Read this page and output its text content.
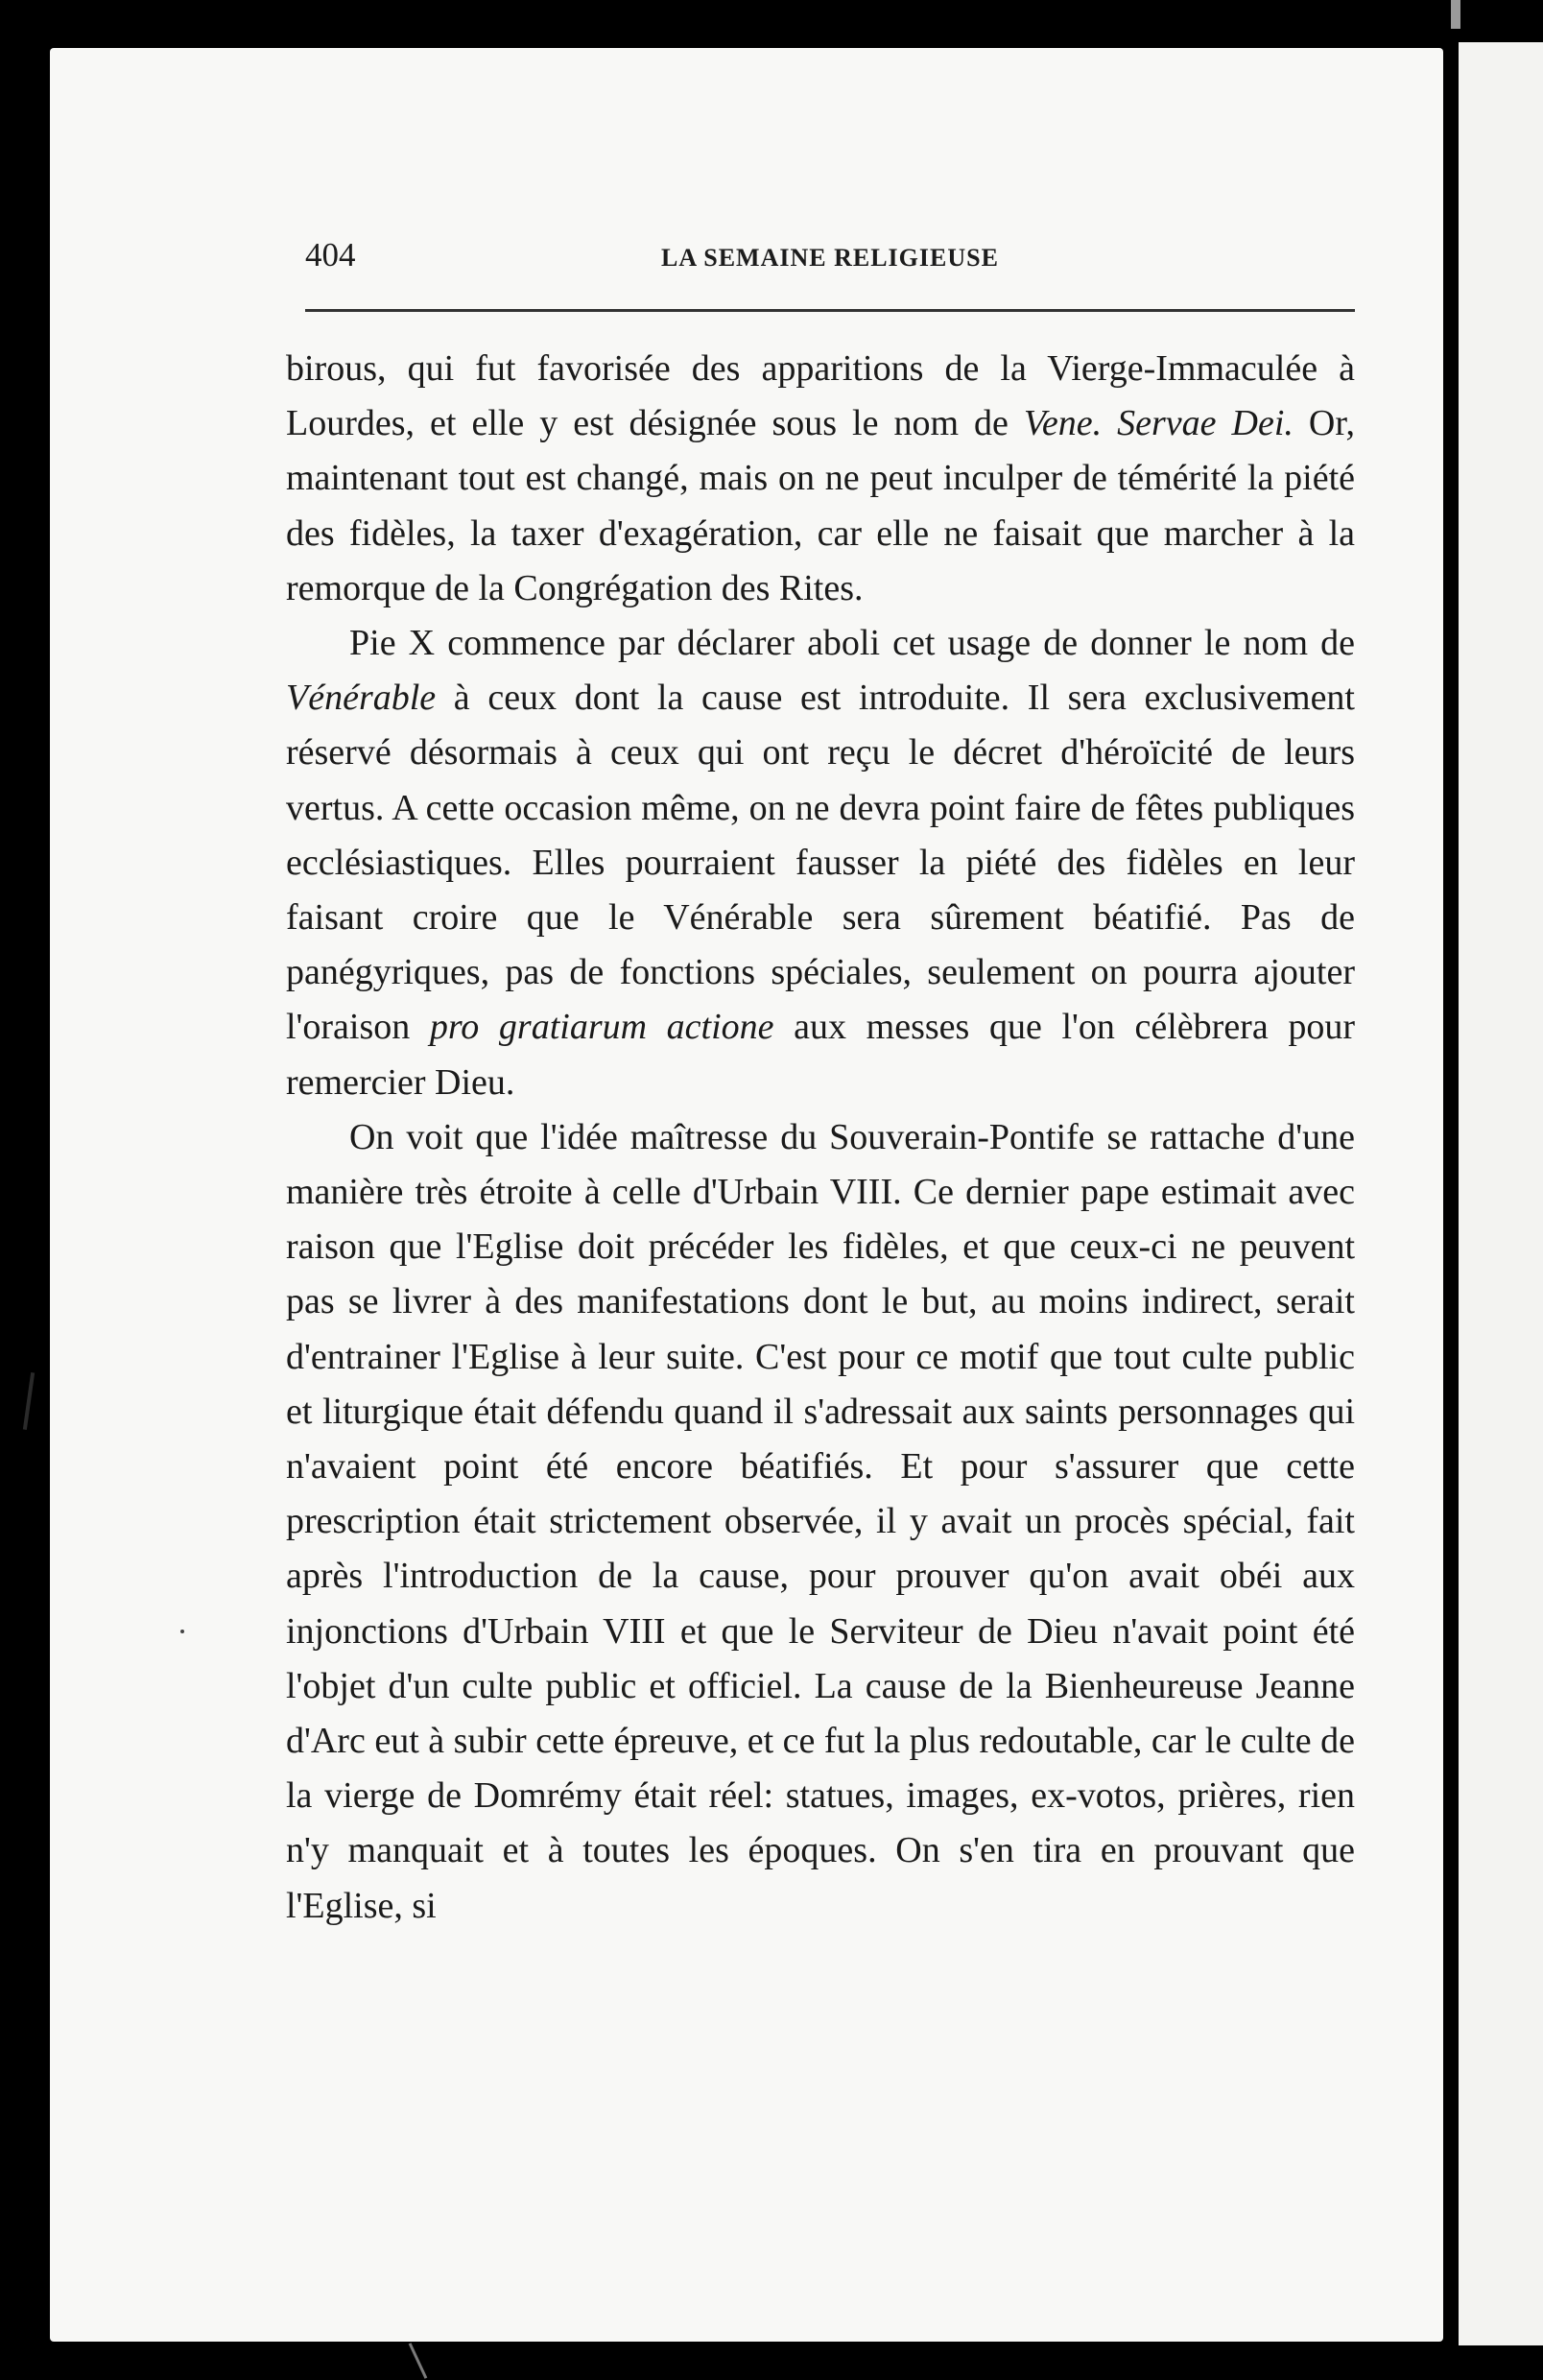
404	LA SEMAINE RELIGIEUSE

birous, qui fut favorisée des apparitions de la Vierge-Immaculée à Lourdes, et elle y est désignée sous le nom de Vene. Servae Dei. Or, maintenant tout est changé, mais on ne peut inculper de témérité la piété des fidèles, la taxer d'exagération, car elle ne faisait que marcher à la remorque de la Congrégation des Rites.

Pie X commence par déclarer aboli cet usage de donner le nom de Vénérable à ceux dont la cause est introduite. Il sera exclusivement réservé désormais à ceux qui ont reçu le décret d'héroïcité de leurs vertus. A cette occasion même, on ne devra point faire de fêtes publiques ecclésiastiques. Elles pourraient fausser la piété des fidèles en leur faisant croire que le Vénérable sera sûrement béatifié. Pas de panégyriques, pas de fonctions spéciales, seulement on pourra ajouter l'oraison pro gratiarum actione aux messes que l'on célèbrera pour remercier Dieu.

On voit que l'idée maîtresse du Souverain-Pontife se rattache d'une manière très étroite à celle d'Urbain VIII. Ce dernier pape estimait avec raison que l'Eglise doit précéder les fidèles, et que ceux-ci ne peuvent pas se livrer à des manifestations dont le but, au moins indirect, serait d'entrainer l'Eglise à leur suite. C'est pour ce motif que tout culte public et liturgique était défendu quand il s'adressait aux saints personnages qui n'avaient point été encore béatifiés. Et pour s'assurer que cette prescription était strictement observée, il y avait un procès spécial, fait après l'introduction de la cause, pour prouver qu'on avait obéi aux injonctions d'Urbain VIII et que le Serviteur de Dieu n'avait point été l'objet d'un culte public et officiel. La cause de la Bienheureuse Jeanne d'Arc eut à subir cette épreuve, et ce fut la plus redoutable, car le culte de la vierge de Domrémy était réel: statues, images, ex-votos, prières, rien n'y manquait et à toutes les époques. On s'en tira en prouvant que l'Eglise, si
